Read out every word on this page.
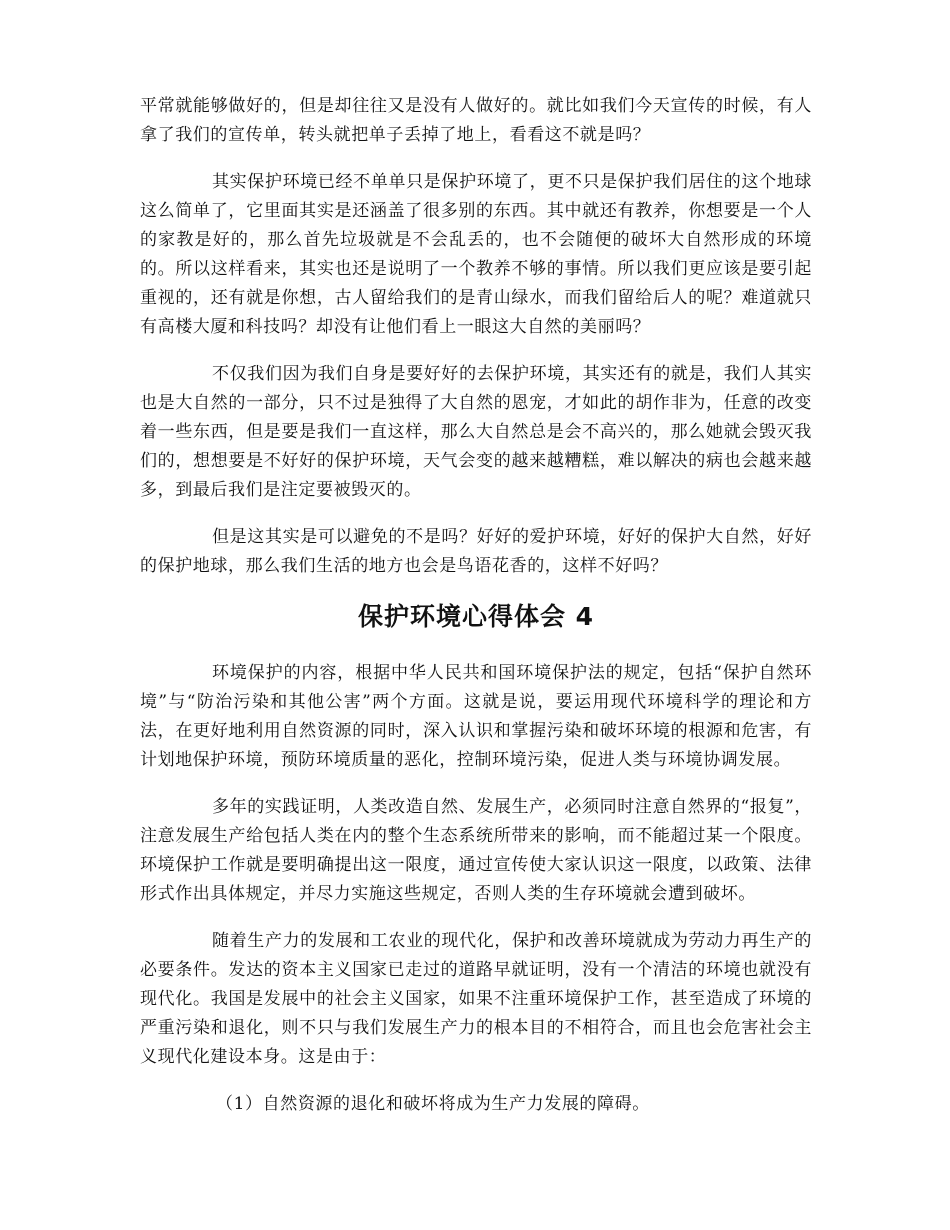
平常就能够做好的，但是却往往又是没有人做好的。就比如我们今天宣传的时候，有人拿了我们的宣传单，转头就把单子丢掉了地上，看看这不就是吗？

其实保护环境已经不单单只是保护环境了，更不只是保护我们居住的这个地球这么简单了，它里面其实是还涵盖了很多别的东西。其中就还有教养，你想要是一个人的家教是好的，那么首先垃圾就是不会乱丢的，也不会随便的破坏大自然形成的环境的。所以这样看来，其实也还是说明了一个教养不够的事情。所以我们更应该是要引起重视的，还有就是你想，古人留给我们的是青山绿水，而我们留给后人的呢？难道就只有高楼大厦和科技吗？却没有让他们看上一眼这大自然的美丽吗？

不仅我们因为我们自身是要好好的去保护环境，其实还有的就是，我们人其实也是大自然的一部分，只不过是独得了大自然的恩宠，才如此的胡作非为，任意的改变着一些东西，但是要是我们一直这样，那么大自然总是会不高兴的，那么她就会毁灭我们的，想想要是不好好的保护环境，天气会变的越来越糟糕，难以解决的病也会越来越多，到最后我们是注定要被毁灭的。

但是这其实是可以避免的不是吗？好好的爱护环境，好好的保护大自然，好好的保护地球，那么我们生活的地方也会是鸟语花香的，这样不好吗？

保护环境心得体会 4

环境保护的内容，根据中华人民共和国环境保护法的规定，包括“保护自然环境”与“防治污染和其他公害”两个方面。这就是说，要运用现代环境科学的理论和方法，在更好地利用自然资源的同时，深入认识和掌握污染和破坏环境的根源和危害，有计划地保护环境，预防环境质量的恶化，控制环境污染，促进人类与环境协调发展。

多年的实践证明，人类改造自然、发展生产，必须同时注意自然界的“报复”，注意发展生产给包括人类在内的整个生态系统所带来的影响，而不能超过某一个限度。环境保护工作就是要明确提出这一限度，通过宣传使大家认识这一限度，以政策、法律形式作出具体规定，并尽力实施这些规定，否则人类的生存环境就会遭到破坏。

随着生产力的发展和工农业的现代化，保护和改善环境就成为劳动力再生产的必要条件。发达的资本主义国家已走过的道路早就证明，没有一个清洁的环境也就没有现代化。我国是发展中的社会主义国家，如果不注重环境保护工作，甚至造成了环境的严重污染和退化，则不只与我们发展生产力的根本目的不相符合，而且也会危害社会主义现代化建设本身。这是由于：

（1）自然资源的退化和破坏将成为生产力发展的障碍。
